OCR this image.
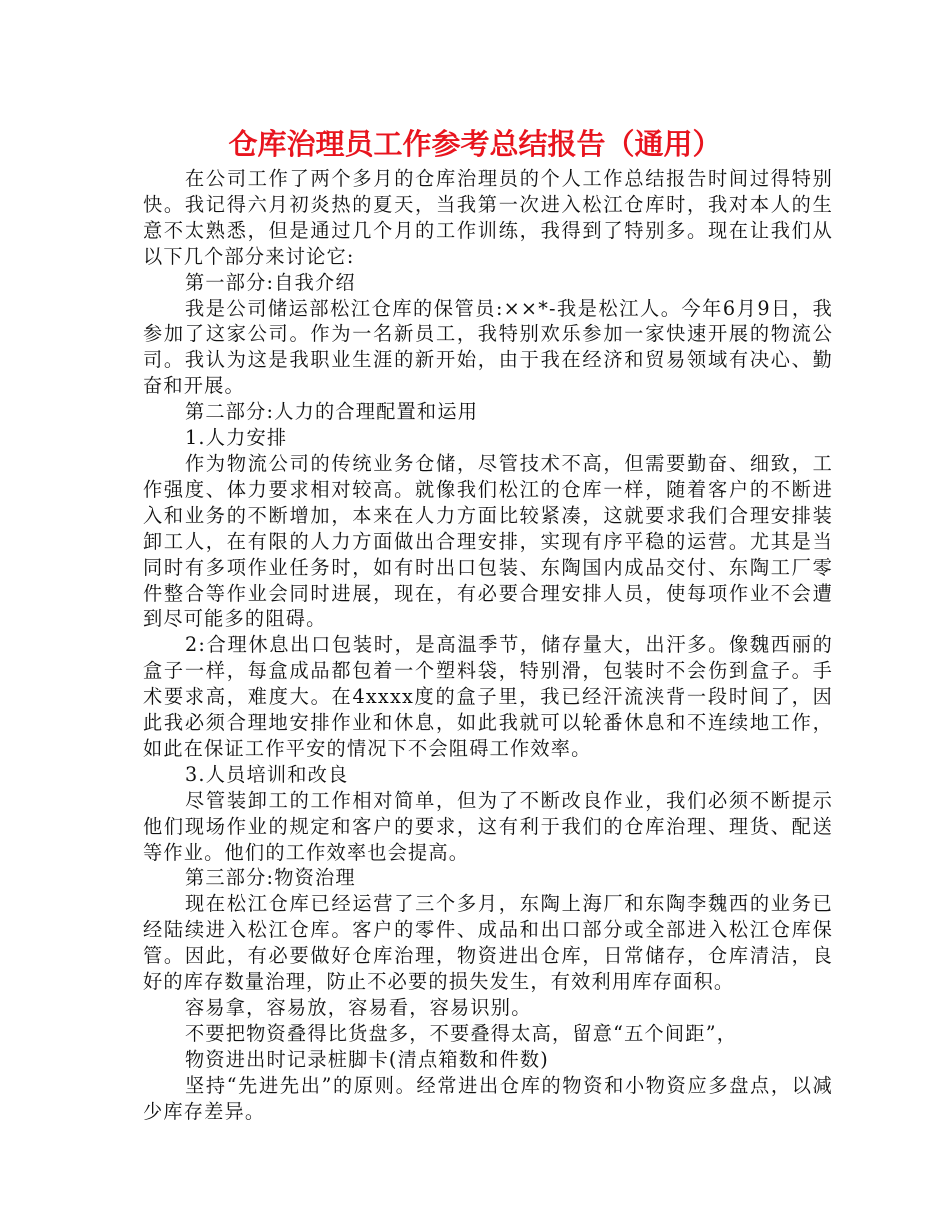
仓库治理员工作参考总结报告（通用）

在公司工作了两个多月的仓库治理员的个人工作总结报告时间过得特别快。我记得六月初炎热的夏天，当我第一次进入松江仓库时，我对本人的生意不太熟悉，但是通过几个月的工作训练，我得到了特别多。现在让我们从以下几个部分来讨论它:

第一部分:自我介绍

我是公司储运部松江仓库的保管员:××*-我是松江人。今年6月9日，我参加了这家公司。作为一名新员工，我特别欢乐参加一家快速开展的物流公司。我认为这是我职业生涯的新开始，由于我在经济和贸易领域有决心、勤奋和开展。

第二部分:人力的合理配置和运用

1.人力安排

作为物流公司的传统业务仓储，尽管技术不高，但需要勤奋、细致，工作强度、体力要求相对较高。就像我们松江的仓库一样，随着客户的不断进入和业务的不断增加，本来在人力方面比较紧凑，这就要求我们合理安排装卸工人，在有限的人力方面做出合理安排，实现有序平稳的运营。尤其是当同时有多项作业任务时，如有时出口包装、东陶国内成品交付、东陶工厂零件整合等作业会同时进展，现在，有必要合理安排人员，使每项作业不会遭到尽可能多的阻碍。

2:合理休息出口包装时，是高温季节，储存量大，出汗多。像魏西丽的盒子一样，每盒成品都包着一个塑料袋，特别滑，包装时不会伤到盒子。手术要求高，难度大。在4xxxx度的盒子里，我已经汗流浃背一段时间了，因此我必须合理地安排作业和休息，如此我就可以轮番休息和不连续地工作，如此在保证工作平安的情况下不会阻碍工作效率。

3.人员培训和改良

尽管装卸工的工作相对简单，但为了不断改良作业，我们必须不断提示他们现场作业的规定和客户的要求，这有利于我们的仓库治理、理货、配送等作业。他们的工作效率也会提高。

第三部分:物资治理

现在松江仓库已经运营了三个多月，东陶上海厂和东陶李魏西的业务已经陆续进入松江仓库。客户的零件、成品和出口部分或全部进入松江仓库保管。因此，有必要做好仓库治理，物资进出仓库，日常储存，仓库清洁，良好的库存数量治理，防止不必要的损失发生，有效利用库存面积。

容易拿，容易放，容易看，容易识别。

不要把物资叠得比货盘多，不要叠得太高，留意“五个间距”，

物资进出时记录桩脚卡(清点箱数和件数)

坚持“先进先出”的原则。经常进出仓库的物资和小物资应多盘点，以减少库存差异。
